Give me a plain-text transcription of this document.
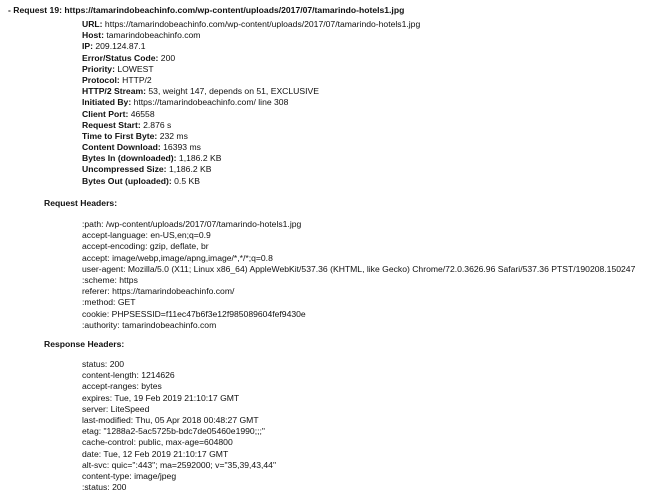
- Request 19: https://tamarindobeachinfo.com/wp-content/uploads/2017/07/tamarindo-hotels1.jpg
URL: https://tamarindobeachinfo.com/wp-content/uploads/2017/07/tamarindo-hotels1.jpg
Host: tamarindobeachinfo.com
IP: 209.124.87.1
Error/Status Code: 200
Priority: LOWEST
Protocol: HTTP/2
HTTP/2 Stream: 53, weight 147, depends on 51, EXCLUSIVE
Initiated By: https://tamarindobeachinfo.com/ line 308
Client Port: 46558
Request Start: 2.876 s
Time to First Byte: 232 ms
Content Download: 16393 ms
Bytes In (downloaded): 1,186.2 KB
Uncompressed Size: 1,186.2 KB
Bytes Out (uploaded): 0.5 KB
Request Headers:
:path: /wp-content/uploads/2017/07/tamarindo-hotels1.jpg
accept-language: en-US,en;q=0.9
accept-encoding: gzip, deflate, br
accept: image/webp,image/apng,image/*,*/*;q=0.8
user-agent: Mozilla/5.0 (X11; Linux x86_64) AppleWebKit/537.36 (KHTML, like Gecko) Chrome/72.0.3626.96 Safari/537.36 PTST/190208.150247
:scheme: https
referer: https://tamarindobeachinfo.com/
:method: GET
cookie: PHPSESSID=f11ec47b6f3e12f985089604fef9430e
:authority: tamarindobeachinfo.com
Response Headers:
status: 200
content-length: 1214626
accept-ranges: bytes
expires: Tue, 19 Feb 2019 21:10:17 GMT
server: LiteSpeed
last-modified: Thu, 05 Apr 2018 00:48:27 GMT
etag: "1288a2-5ac5725b-bdc7de05460e1990;;;"
cache-control: public, max-age=604800
date: Tue, 12 Feb 2019 21:10:17 GMT
alt-svc: quic=":443"; ma=2592000; v="35,39,43,44"
content-type: image/jpeg
:status: 200
